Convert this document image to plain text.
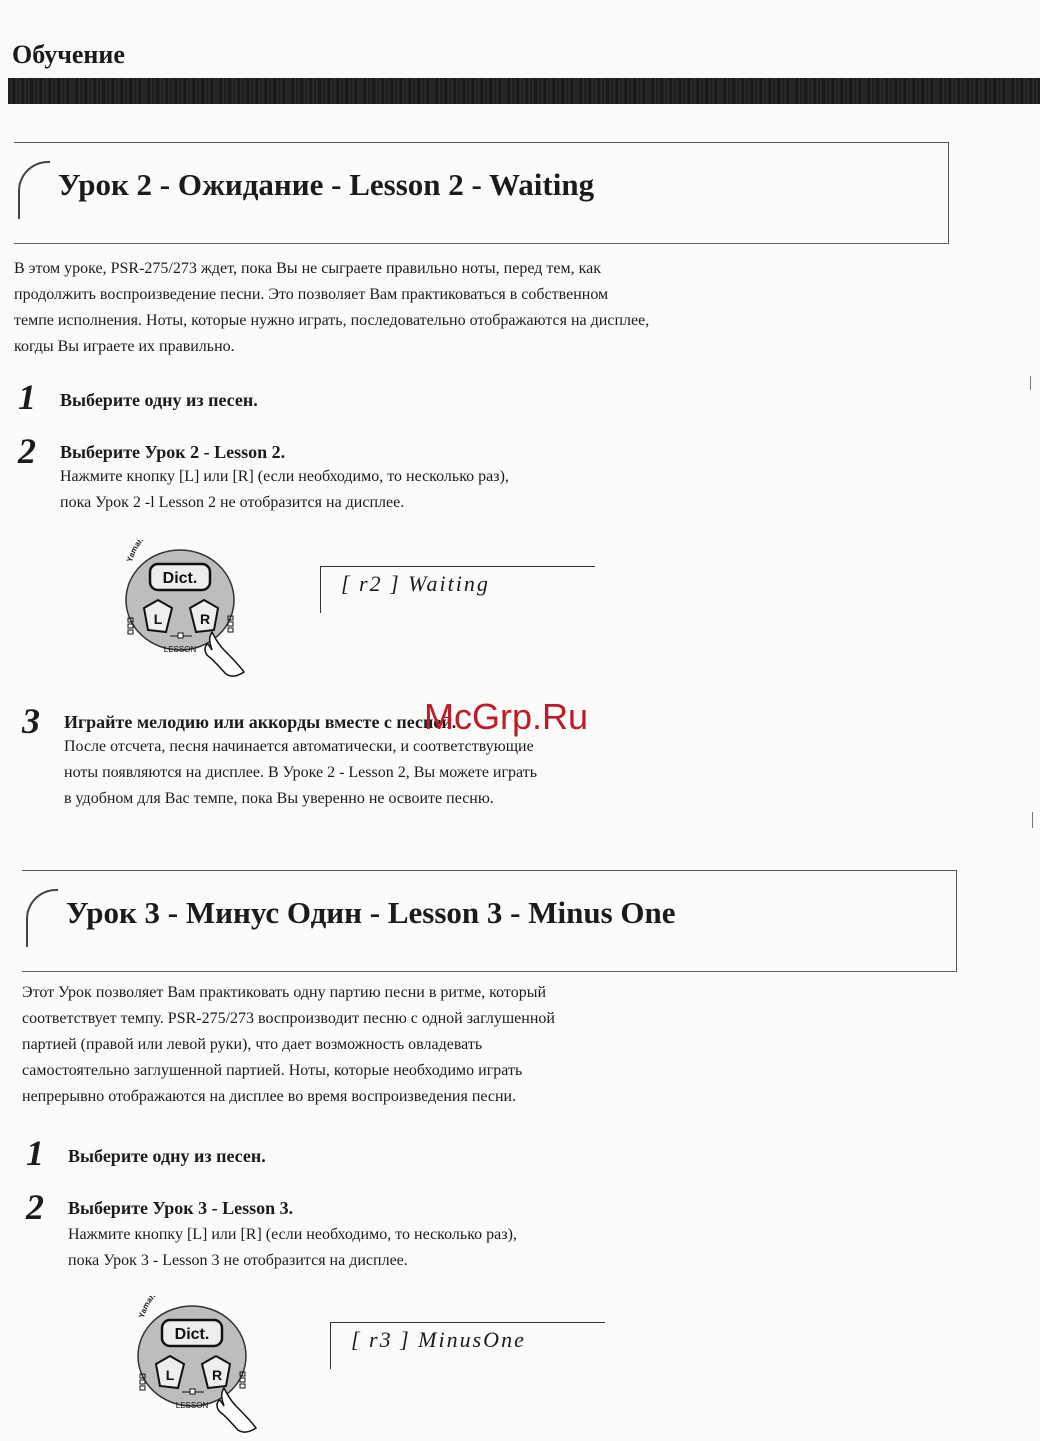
Обучение
Урок 2 - Ожидание - Lesson 2 - Waiting
В этом уроке, PSR-275/273 ждет, пока Вы не сыграете правильно ноты, перед тем, как
продолжить воспроизведение песни. Это позволяет Вам практиковаться в собственном
темпе исполнения. Ноты, которые нужно играть, последовательно отображаются на дисплее,
когды Вы играете их правильно.
1 Выберите одну из песен.
2 Выберите Урок 2 - Lesson 2.
Нажмите кнопку [L] или [R] (если необходимо, то несколько раз),
пока Урок 2 -l Lesson 2 не отобразится на дисплее.
Yamah
Dict.
L	R
LESSON
[ r2 ] Waiting
3 Играйте мелодию или аккорды вместе с песней.
После отсчета, песня начинается автоматически, и соответствующие
ноты появляются на дисплее. В Уроке 2 - Lesson 2, Вы можете играть
в удобном для Вас темпе, пока Вы уверенно не освоите песню.
McGrp.Ru
Урок 3 - Минус Один - Lesson 3 - Minus One
Этот Урок позволяет Вам практиковать одну партию песни в ритме, который
соответствует темпу. PSR-275/273 воспроизводит песню с одной заглушенной
партией (правой или левой руки), что дает возможность овладевать
самостоятельно заглушенной партией. Ноты, которые необходимо играть
непрерывно отображаются на дисплее во время воспроизведения песни.
1 Выберите одну из песен.
2 Выберите Урок 3 - Lesson 3.
Нажмите кнопку [L] или [R] (если необходимо, то несколько раз),
пока Урок 3 - Lesson 3 не отобразится на дисплее.
Yamah
Dict.
L	R
LESSON
[ r3 ] MinusOne
